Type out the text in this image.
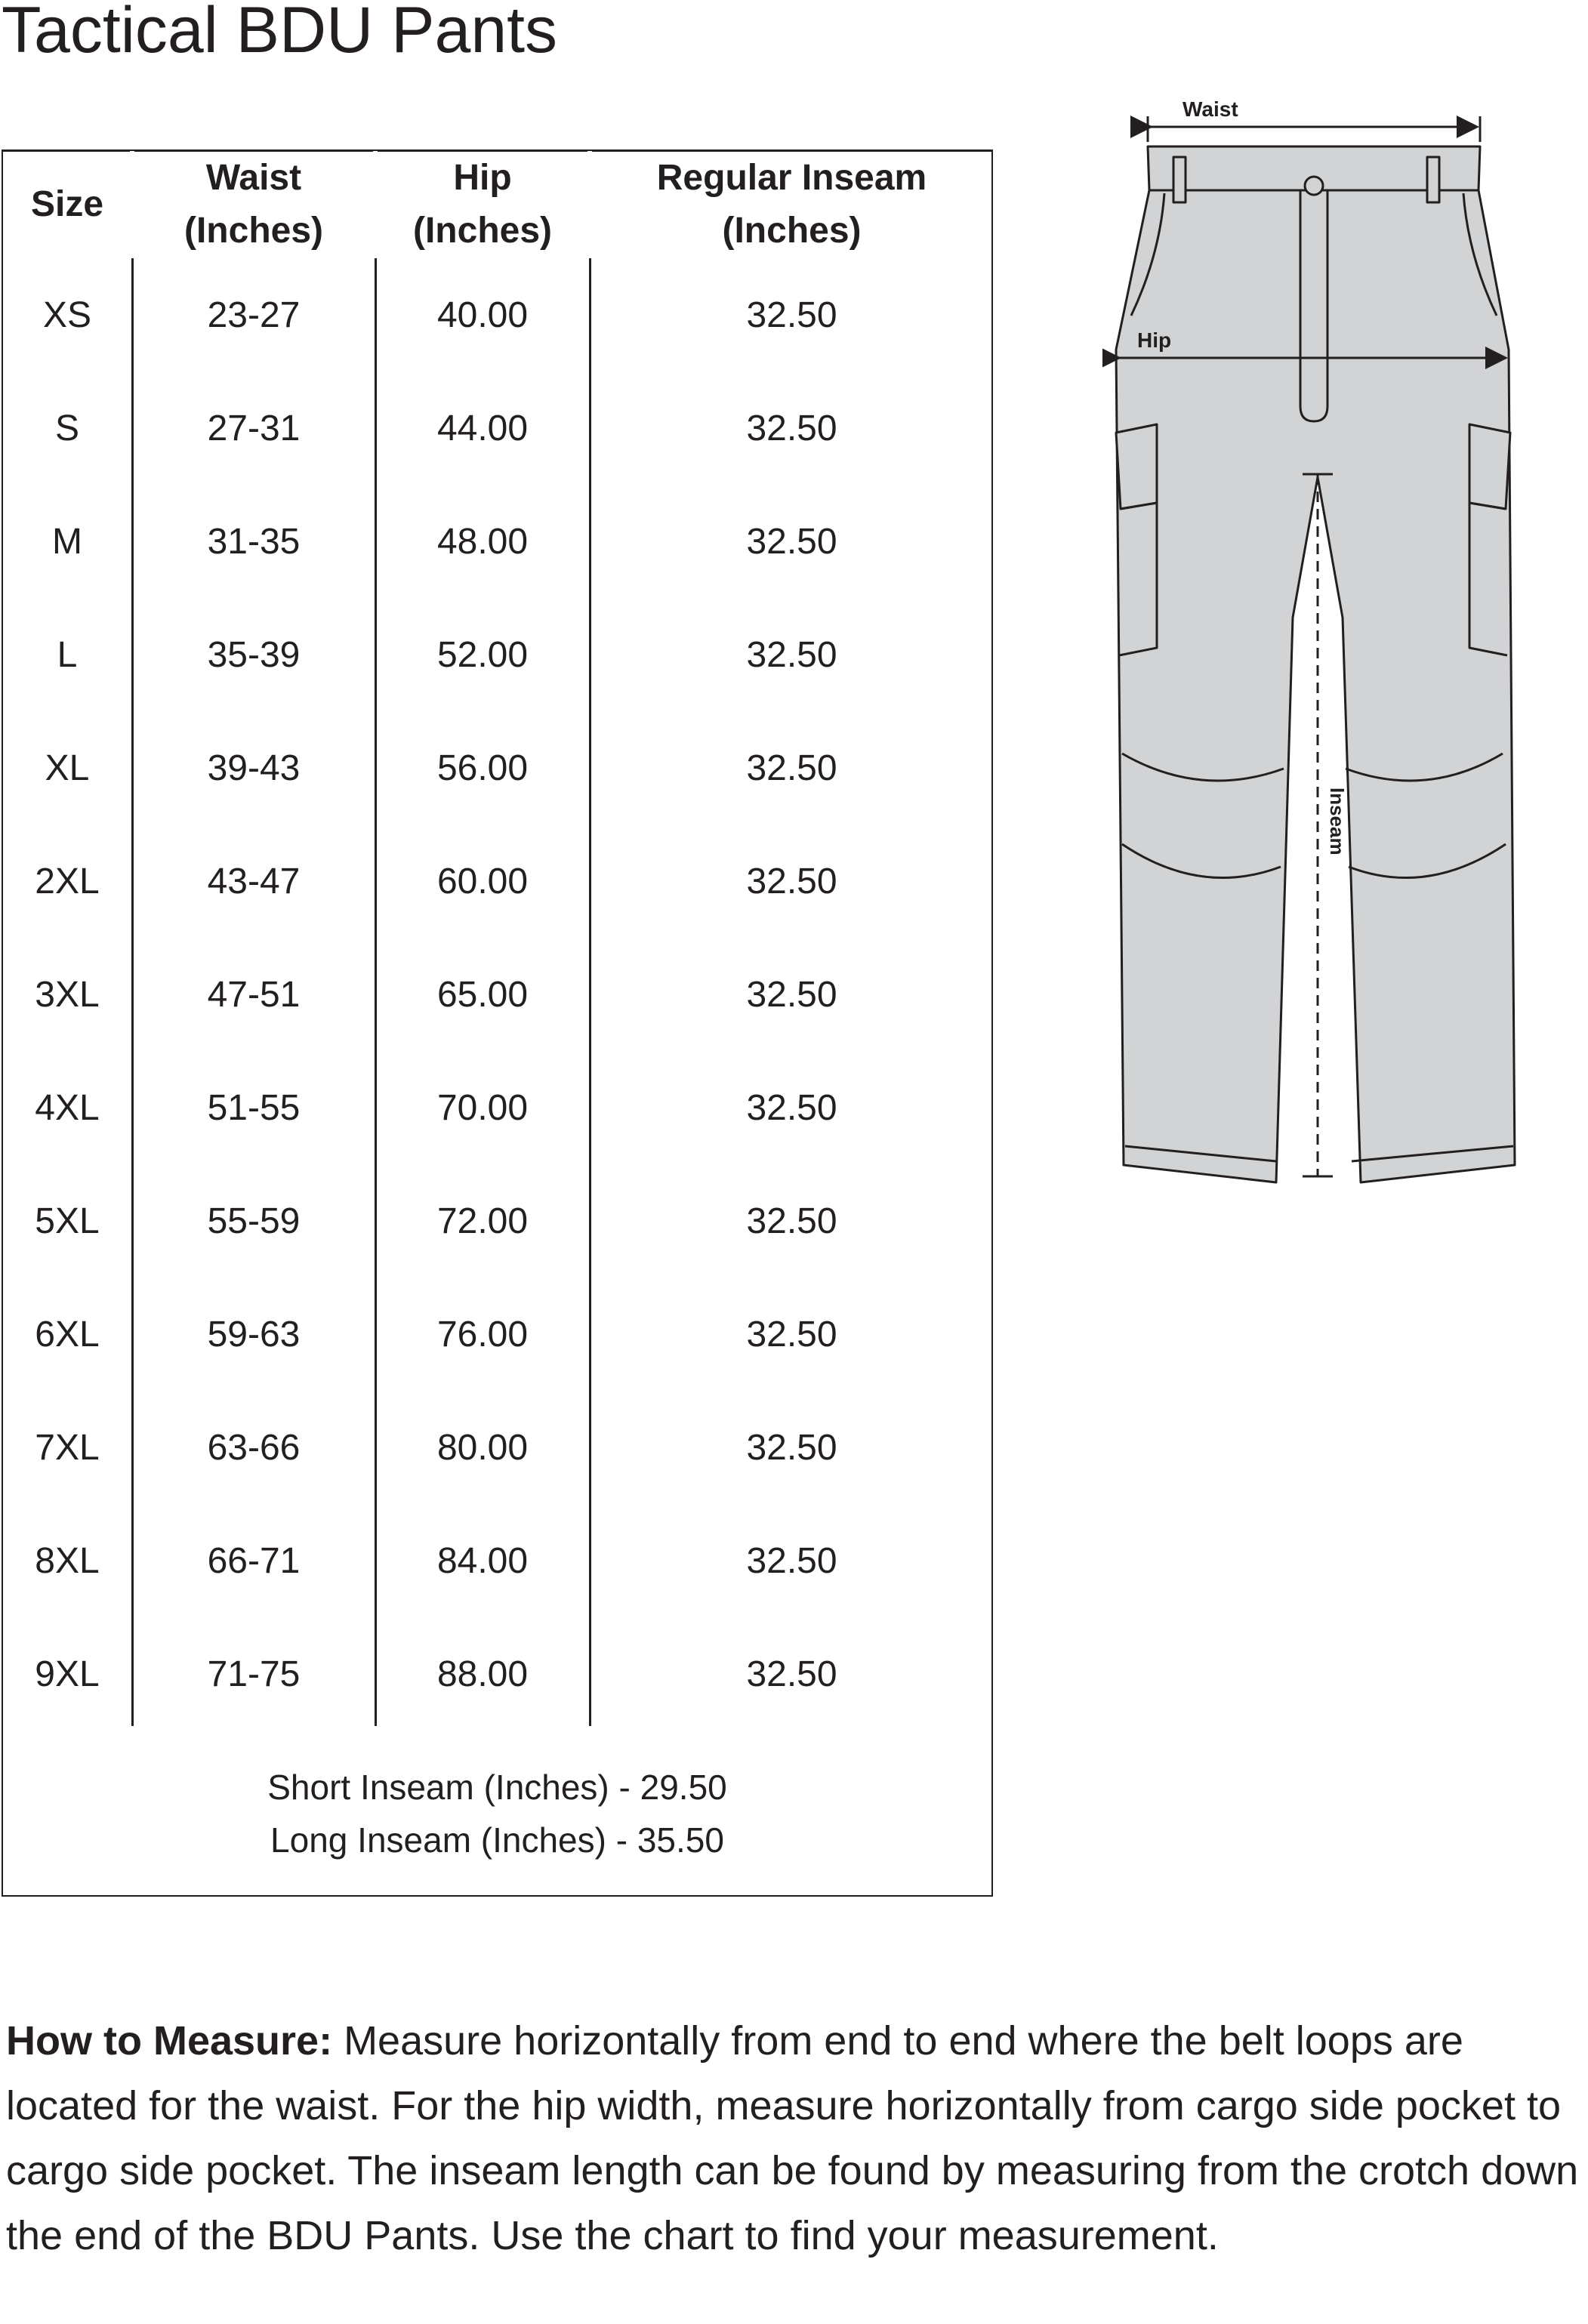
Tactical BDU Pants
Size
Waist
(Inches)
Hip
(Inches)
Regular Inseam
(Inches)
XS	23-27	40.00	32.50
S	27-31	44.00	32.50
M	31-35	48.00	32.50
L	35-39	52.00	32.50
XL	39-43	56.00	32.50
2XL	43-47	60.00	32.50
3XL	47-51	65.00	32.50
4XL	51-55	70.00	32.50
5XL	55-59	72.00	32.50
6XL	59-63	76.00	32.50
7XL	63-66	80.00	32.50
8XL	66-71	84.00	32.50
9XL	71-75	88.00	32.50
Short Inseam (Inches) - 29.50
Long Inseam (Inches) - 35.50
Waist
Hip
Inseam

How to Measure: Measure horizontally from end to end where the belt loops are located for the waist. For the hip width, measure horizontally from cargo side pocket to cargo side pocket. The inseam length can be found by measuring from the crotch down the end of the BDU Pants. Use the chart to find your measurement.
